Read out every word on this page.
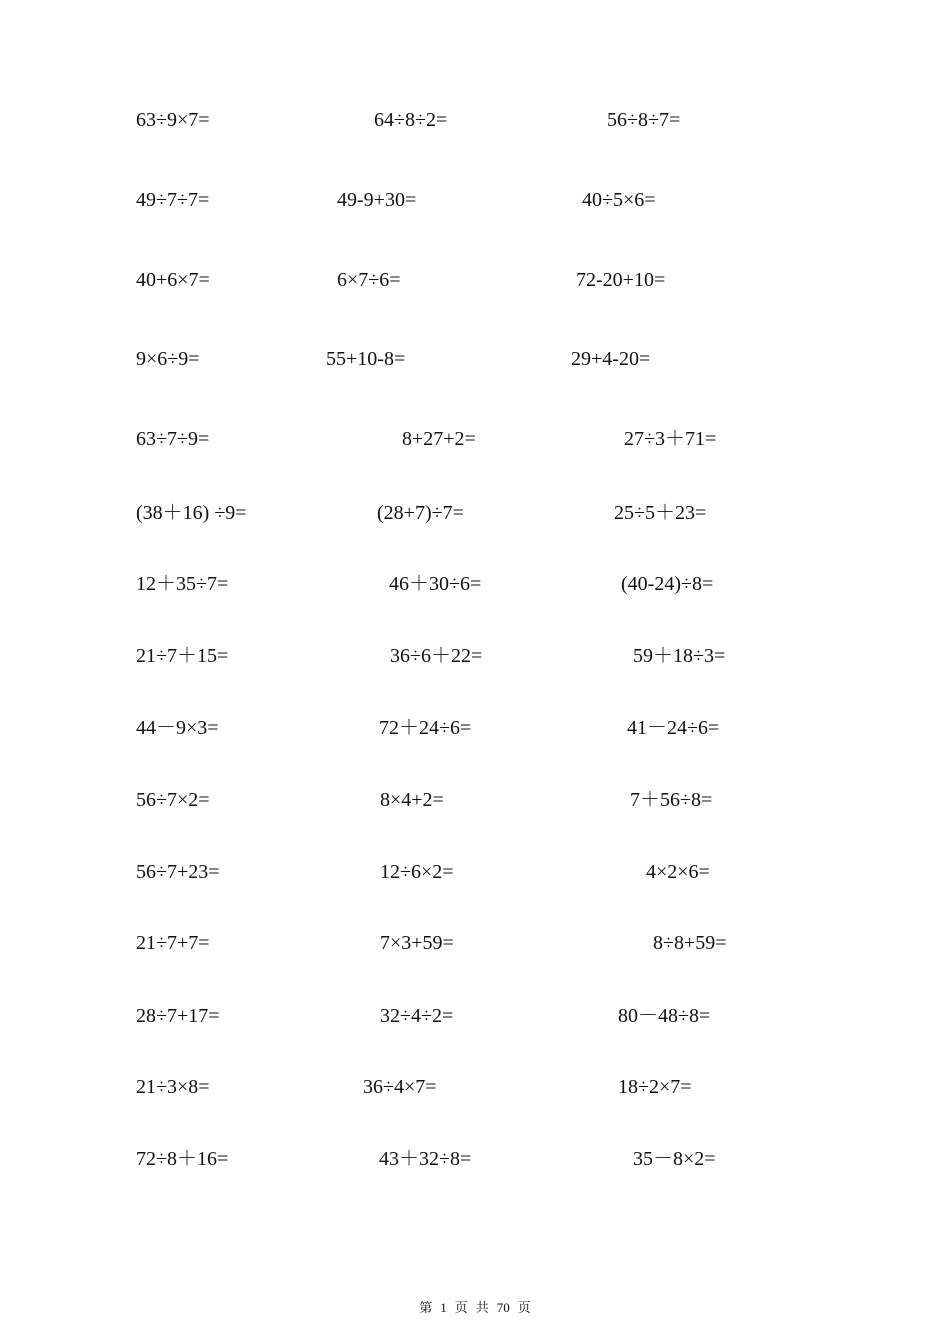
63÷9×7=	64÷8÷2=	56÷8÷7=
49÷7÷7=	49-9+30=	40÷5×6=
40+6×7=	6×7÷6=	72-20+10=
9×6÷9=	55+10-8=	29+4-20=
63÷7÷9=	8+27+2=	27÷3＋71=
(38＋16) ÷9=	(28+7)÷7=	25÷5＋23=
12＋35÷7=	46＋30÷6=	(40-24)÷8=
21÷7＋15=	36÷6＋22=	59＋18÷3=
44－9×3=	72＋24÷6=	41－24÷6=
56÷7×2=	8×4+2=	7＋56÷8=
56÷7+23=	12÷6×2=	4×2×6=
21÷7+7=	7×3+59=	8÷8+59=
28÷7+17=	32÷4÷2=	80－48÷8=
21÷3×8=	36÷4×7=	18÷2×7=
72÷8＋16=	43＋32÷8=	35－8×2=
第 1 页 共 70 页
